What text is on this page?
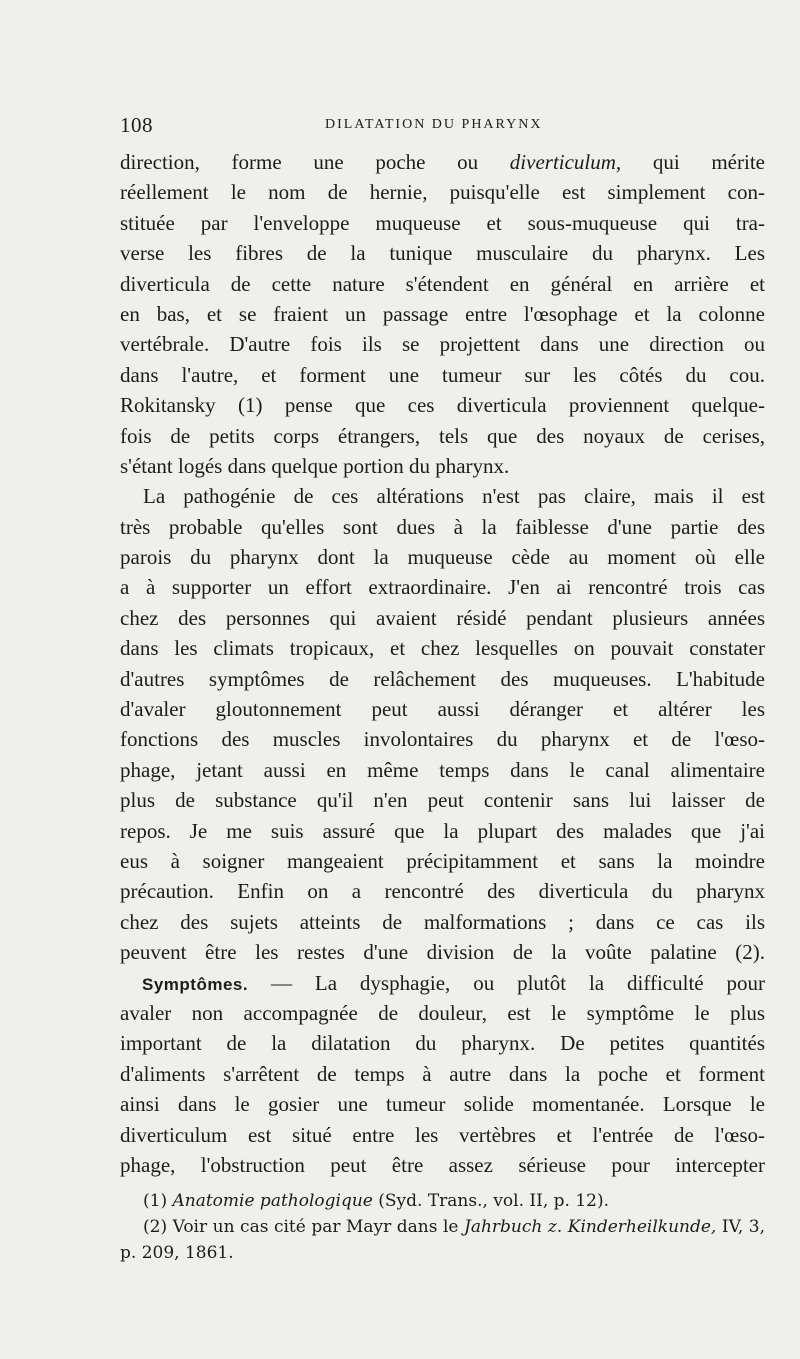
108	DILATATION DU PHARYNX
direction, forme une poche ou diverticulum, qui mérite
réellement le nom de hernie, puisqu'elle est simplement con-
stituée par l'enveloppe muqueuse et sous-muqueuse qui tra-
verse les fibres de la tunique musculaire du pharynx. Les
diverticula de cette nature s'étendent en général en arrière et
en bas, et se fraient un passage entre l'œsophage et la colonne
vertébrale. D'autre fois ils se projettent dans une direction ou
dans l'autre, et forment une tumeur sur les côtés du cou.
Rokitansky (1) pense que ces diverticula proviennent quelque-
fois de petits corps étrangers, tels que des noyaux de cerises,
s'étant logés dans quelque portion du pharynx.
La pathogénie de ces altérations n'est pas claire, mais il est
très probable qu'elles sont dues à la faiblesse d'une partie des
parois du pharynx dont la muqueuse cède au moment où elle
a à supporter un effort extraordinaire. J'en ai rencontré trois cas
chez des personnes qui avaient résidé pendant plusieurs années
dans les climats tropicaux, et chez lesquelles on pouvait constater
d'autres symptômes de relâchement des muqueuses. L'habitude
d'avaler gloutonnement peut aussi déranger et altérer les
fonctions des muscles involontaires du pharynx et de l'œso-
phage, jetant aussi en même temps dans le canal alimentaire
plus de substance qu'il n'en peut contenir sans lui laisser de
repos. Je me suis assuré que la plupart des malades que j'ai
eus à soigner mangeaient précipitamment et sans la moindre
précaution. Enfin on a rencontré des diverticula du pharynx
chez des sujets atteints de malformations ; dans ce cas ils
peuvent être les restes d'une division de la voûte palatine (2).
Symptômes. — La dysphagie, ou plutôt la difficulté pour
avaler non accompagnée de douleur, est le symptôme le plus
important de la dilatation du pharynx. De petites quantités
d'aliments s'arrêtent de temps à autre dans la poche et forment
ainsi dans le gosier une tumeur solide momentanée. Lorsque le
diverticulum est situé entre les vertèbres et l'entrée de l'œso-
phage, l'obstruction peut être assez sérieuse pour intercepter
(1) Anatomie pathologique (Syd. Trans., vol. II, p. 12).
(2) Voir un cas cité par Mayr dans le Jahrbuch z. Kinderheilkunde, IV, 3,
p. 209, 1861.
